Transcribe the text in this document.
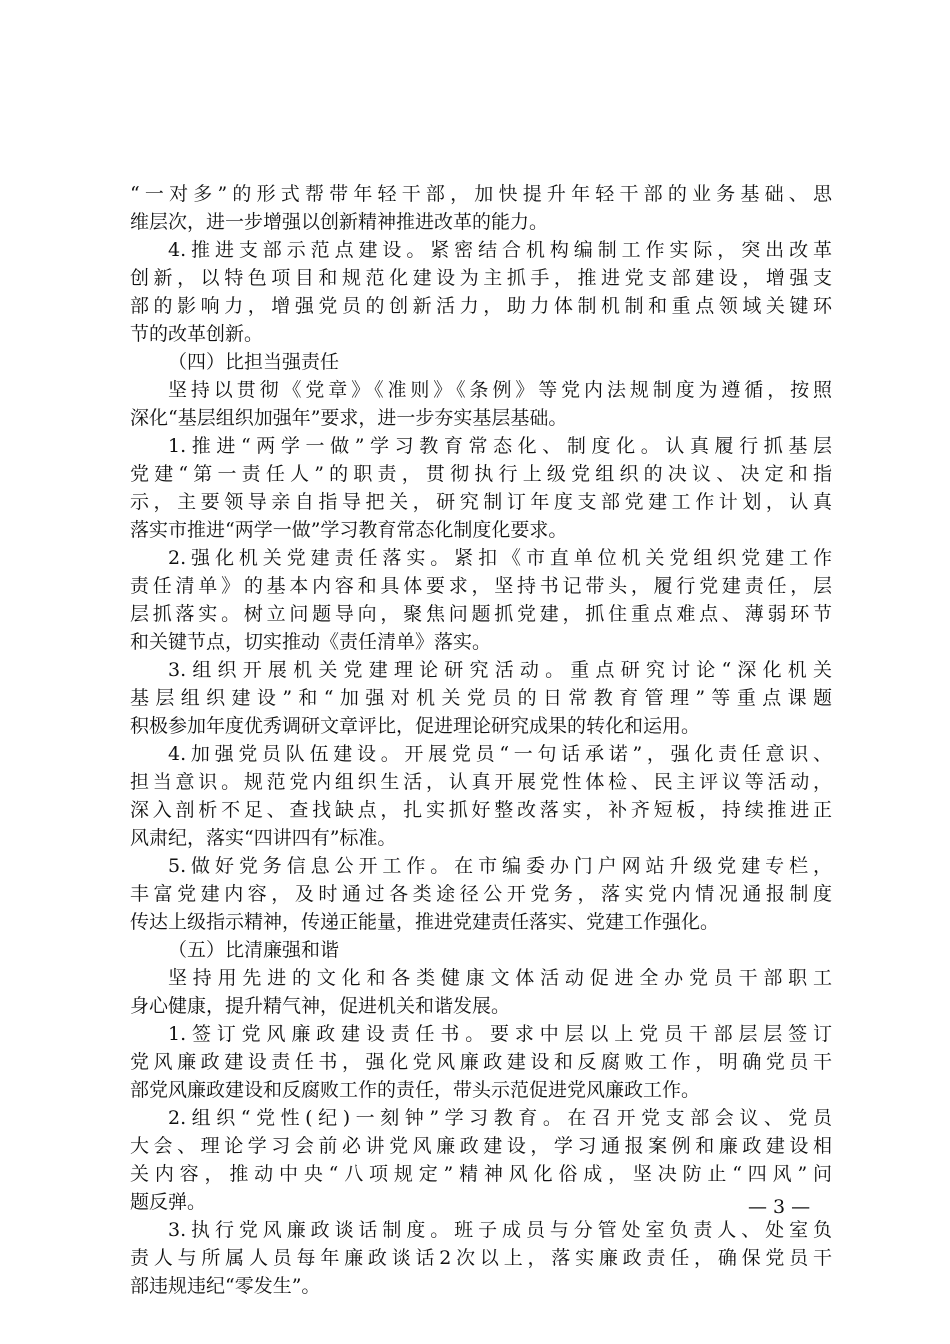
“一对多”的形式帮带年轻干部，加快提升年轻干部的业务基础、思
维层次，进一步增强以创新精神推进改革的能力。
4.推进支部示范点建设。紧密结合机构编制工作实际，突出改革
创新，以特色项目和规范化建设为主抓手，推进党支部建设，增强支
部的影响力，增强党员的创新活力，助力体制机制和重点领域关键环
节的改革创新。
（四）比担当强责任
坚持以贯彻《党章》《准则》《条例》等党内法规制度为遵循，按照
深化“基层组织加强年”要求，进一步夯实基层基础。
1.推进“两学一做”学习教育常态化、制度化。认真履行抓基层
党建“第一责任人”的职责，贯彻执行上级党组织的决议、决定和指
示，主要领导亲自指导把关，研究制订年度支部党建工作计划，认真
落实市推进“两学一做”学习教育常态化制度化要求。
2.强化机关党建责任落实。紧扣《市直单位机关党组织党建工作
责任清单》的基本内容和具体要求，坚持书记带头，履行党建责任，层
层抓落实。树立问题导向，聚焦问题抓党建，抓住重点难点、薄弱环节
和关键节点，切实推动《责任清单》落实。
3.组织开展机关党建理论研究活动。重点研究讨论“深化机关
基层组织建设”和“加强对机关党员的日常教育管理”等重点课题
积极参加年度优秀调研文章评比，促进理论研究成果的转化和运用。
4.加强党员队伍建设。开展党员“一句话承诺”，强化责任意识、
担当意识。规范党内组织生活，认真开展党性体检、民主评议等活动，
深入剖析不足、查找缺点，扎实抓好整改落实，补齐短板，持续推进正
风肃纪，落实“四讲四有”标准。
5.做好党务信息公开工作。在市编委办门户网站升级党建专栏，
丰富党建内容，及时通过各类途径公开党务，落实党内情况通报制度
传达上级指示精神，传递正能量，推进党建责任落实、党建工作强化。
（五）比清廉强和谐
坚持用先进的文化和各类健康文体活动促进全办党员干部职工
身心健康，提升精气神，促进机关和谐发展。
1.签订党风廉政建设责任书。要求中层以上党员干部层层签订
党风廉政建设责任书，强化党风廉政建设和反腐败工作，明确党员干
部党风廉政建设和反腐败工作的责任，带头示范促进党风廉政工作。
2.组织“党性(纪)一刻钟”学习教育。在召开党支部会议、党员
大会、理论学习会前必讲党风廉政建设，学习通报案例和廉政建设相
关内容，推动中央“八项规定”精神风化俗成，坚决防止“四风”问
题反弹。
3.执行党风廉政谈话制度。班子成员与分管处室负责人、处室负
责人与所属人员每年廉政谈话2次以上，落实廉政责任，确保党员干
部违规违纪“零发生”。
— 3 —
